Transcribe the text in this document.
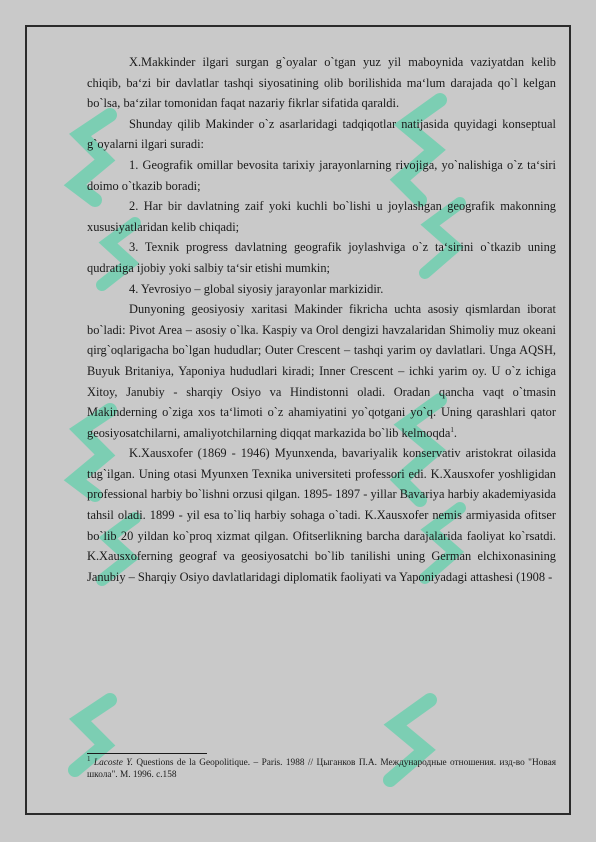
X.Makkinder ilgari surgan g`oyalar o`tgan yuz yil maboynida vaziyatdan kelib chiqib, ba‘zi bir davlatlar tashqi siyosatining olib borilishida ma‘lum darajada qo`l kelgan bo`lsa, ba‘zilar tomonidan faqat nazariy fikrlar sifatida qaraldi.

Shunday qilib Makinder o`z asarlaridagi tadqiqotlar natijasida quyidagi konseptual g`oyalarni ilgari suradi:

1. Geografik omillar bevosita tarixiy jarayonlarning rivojiga, yo`nalishiga o`z ta‘siri doimo o`tkazib boradi;

2. Har bir davlatning zaif yoki kuchli bo`lishi u joylashgan geografik makonning xususiyatlaridan kelib chiqadi;

3. Texnik progress davlatning geografik joylashviga o`z ta‘sirini o`tkazib uning qudratiga ijobiy yoki salbiy ta‘sir etishi mumkin;

4. Yevrosiyo – global siyosiy jarayonlar markizidir.

Dunyoning geosiyosiy xaritasi Makinder fikricha uchta asosiy qismlardan iborat bo`ladi: Pivot Area – asosiy o`lka. Kaspiy va Orol dengizi havzalaridan Shimoliy muz okeani qirg`oqlarigacha bo`lgan hududlar; Outer Crescent – tashqi yarim oy davlatlari. Unga AQSH, Buyuk Britaniya, Yaponiya hududlari kiradi; Inner Crescent – ichki yarim oy. U o`z ichiga Xitoy, Janubiy - sharqiy Osiyo va Hindistonni oladi. Oradan qancha vaqt o`tmasin Makinderning o`ziga xos ta‘limoti o`z ahamiyatini yo`qotgani yo`q. Uning qarashlari qator geosiyosatchilarni, amaliyotchilarning diqqat markazida bo`lib kelmoqda$^1$.

K.Xausxofer (1869 - 1946) Myunxenda, bavariyalik konservativ aristokrat oilasida tug`ilgan. Uning otasi Myunxen Texnika universiteti professori edi. K.Xausxofer yoshligidan professional harbiy bo`lishni orzusi qilgan. 1895- 1897 - yillar Bavariya harbiy akademiyasida tahsil oladi. 1899 - yil esa to`liq harbiy sohaga o`tadi. K.Xausxofer nemis armiyasida ofitser bo`lib 20 yildan ko`proq xizmat qilgan. Ofitserlikning barcha darajalarida faoliyat ko`rsatdi. K.Xausxoferning geograf va geosiyosatchi bo`lib tanilishi uning German elchixonasining Janubiy – Sharqiy Osiyo davlatlaridagi diplomatik faoliyati va Yaponiyadagi attashesi (1908 -

$^1$ Lacoste Y. Questions de la Geopolitique. – Paris. 1988 // Цыганков П.А. Международные отношения. изд-во "Новая школа". М. 1996. с.158
